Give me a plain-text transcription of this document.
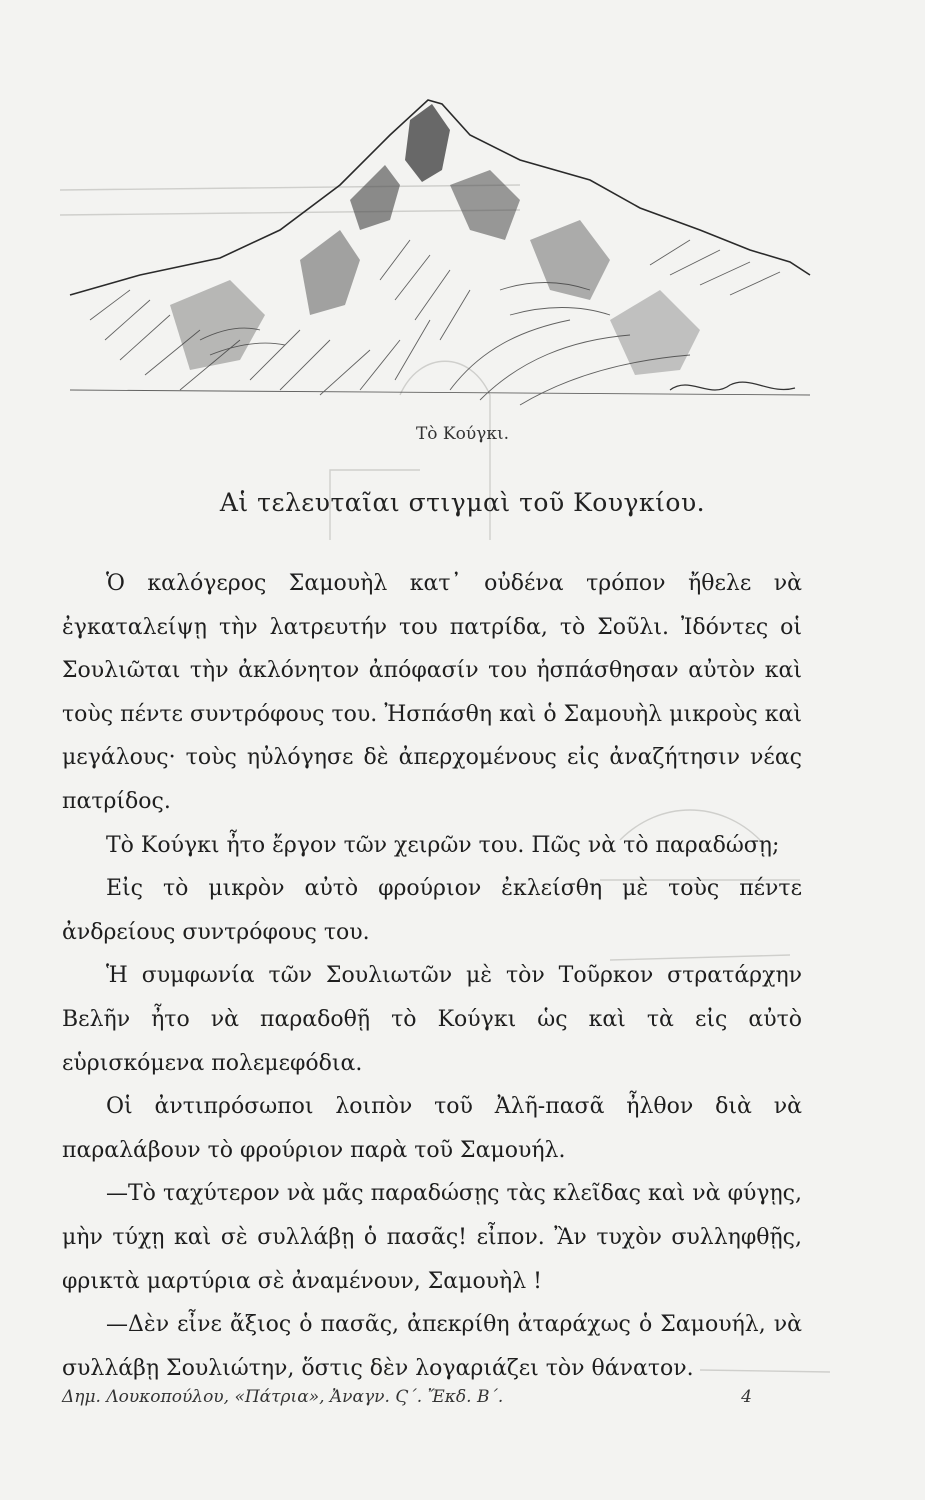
Τὸ Κούγκι.
Αἱ τελευταῖαι στιγμαὶ τοῦ Κουγκίου.

Ὁ καλόγερος Σαμουὴλ κατ᾽ οὐδένα τρόπον ἤθελε νὰ ἐγκαταλείψῃ τὴν λατρευτήν του πατρίδα, τὸ Σοῦλι. Ἰδόντες οἱ Σουλιῶται τὴν ἀκλόνητον ἀπόφασίν του ἠσπάσθησαν αὐτὸν καὶ τοὺς πέντε συντρόφους του. Ἠσπάσθη καὶ ὁ Σαμουὴλ μικροὺς καὶ μεγάλους· τοὺς ηὐλόγησε δὲ ἀπερχομένους εἰς ἀναζήτησιν νέας πατρίδος.

Τὸ Κούγκι ἦτο ἔργον τῶν χειρῶν του. Πῶς νὰ τὸ παραδώσῃ;

Εἰς τὸ μικρὸν αὐτὸ φρούριον ἐκλείσθη μὲ τοὺς πέντε ἀνδρείους συντρόφους του.

Ἡ συμφωνία τῶν Σουλιωτῶν μὲ τὸν Τοῦρκον στρατάρχην Βελῆν ἦτο νὰ παραδοθῇ τὸ Κούγκι ὡς καὶ τὰ εἰς αὐτὸ εὑρισκόμενα πολεμεφόδια.

Οἱ ἀντιπρόσωποι λοιπὸν τοῦ Ἀλῆ-πασᾶ ἦλθον διὰ νὰ παραλάβουν τὸ φρούριον παρὰ τοῦ Σαμουήλ.

—Τὸ ταχύτερον νὰ μᾶς παραδώσῃς τὰς κλεῖδας καὶ νὰ φύγῃς, μὴν τύχῃ καὶ σὲ συλλάβῃ ὁ πασᾶς! εἶπον. Ἂν τυχὸν συλληφθῇς, φρικτὰ μαρτύρια σὲ ἀναμένουν, Σαμουὴλ !

—Δὲν εἶνε ἄξιος ὁ πασᾶς, ἀπεκρίθη ἀταράχως ὁ Σαμουήλ, νὰ συλλάβῃ Σουλιώτην, ὅστις δὲν λογαριάζει τὸν θάνατον.

Δημ. Λουκοπούλου, «Πάτρια», Ἀναγν. Ϛ΄. Ἔκδ. Β΄.	4
